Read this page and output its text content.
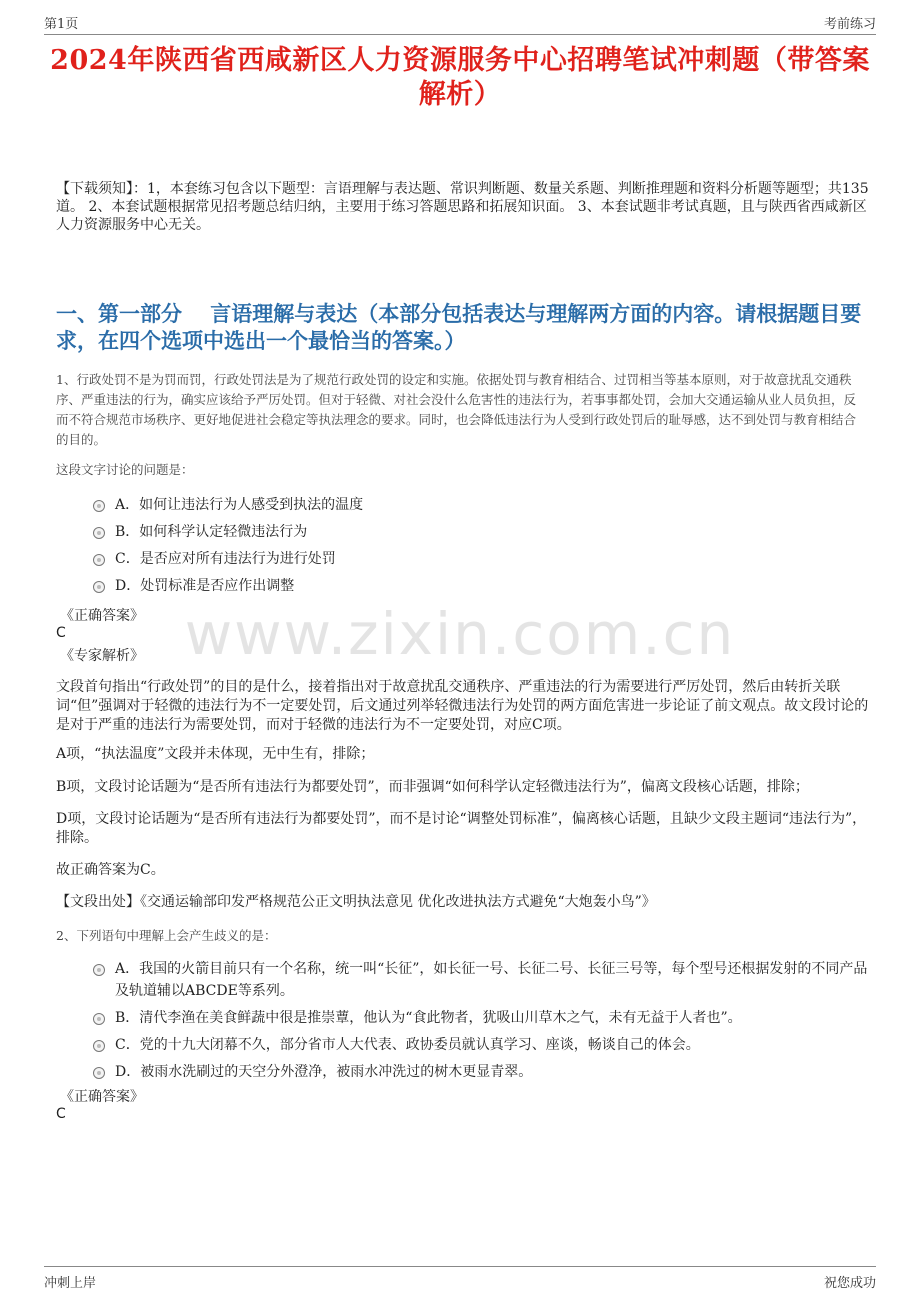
第1页	考前练习
2024年陕西省西咸新区人力资源服务中心招聘笔试冲刺题（带答案解析）

【下载须知】：1，本套练习包含以下题型：言语理解与表达题、常识判断题、数量关系题、判断推理题和资料分析题等题型；共135道。 2、本套试题根据常见招考题总结归纳，主要用于练习答题思路和拓展知识面。 3、本套试题非考试真题，且与陕西省西咸新区人力资源服务中心无关。

一、第一部分　 言语理解与表达（本部分包括表达与理解两方面的内容。请根据题目要求，在四个选项中选出一个最恰当的答案。）

1、行政处罚不是为罚而罚，行政处罚法是为了规范行政处罚的设定和实施。依据处罚与教育相结合、过罚相当等基本原则，对于故意扰乱交通秩序、严重违法的行为，确实应该给予严厉处罚。但对于轻微、对社会没什么危害性的违法行为，若事事都处罚，会加大交通运输从业人员负担，反而不符合规范市场秩序、更好地促进社会稳定等执法理念的要求。同时，也会降低违法行为人受到行政处罚后的耻辱感，达不到处罚与教育相结合的目的。

这段文字讨论的问题是：

A．如何让违法行为人感受到执法的温度
B．如何科学认定轻微违法行为
C．是否应对所有违法行为进行处罚
D．处罚标准是否应作出调整
《正确答案》
C
《专家解析》

文段首句指出“行政处罚”的目的是什么，接着指出对于故意扰乱交通秩序、严重违法的行为需要进行严厉处罚，然后由转折关联词“但”强调对于轻微的违法行为不一定要处罚，后文通过列举轻微违法行为处罚的两方面危害进一步论证了前文观点。故文段讨论的是对于严重的违法行为需要处罚，而对于轻微的违法行为不一定要处罚，对应C项。

A项，“执法温度”文段并未体现，无中生有，排除；

B项，文段讨论话题为“是否所有违法行为都要处罚”，而非强调“如何科学认定轻微违法行为”，偏离文段核心话题，排除；

D项，文段讨论话题为“是否所有违法行为都要处罚”，而不是讨论“调整处罚标准”，偏离核心话题，且缺少文段主题词“违法行为”，排除。

故正确答案为C。

【文段出处】《交通运输部印发严格规范公正文明执法意见 优化改进执法方式避免“大炮轰小鸟”》

2、下列语句中理解上会产生歧义的是：

A．我国的火箭目前只有一个名称，统一叫“长征”，如长征一号、长征二号、长征三号等，每个型号还根据发射的不同产品及轨道辅以ABCDE等系列。
B．清代李渔在美食鲜蔬中很是推崇蕈，他认为“食此物者，犹吸山川草木之气，未有无益于人者也”。
C．党的十九大闭幕不久，部分省市人大代表、政协委员就认真学习、座谈，畅谈自己的体会。
D．被雨水洗刷过的天空分外澄净，被雨水冲洗过的树木更显青翠。
《正确答案》
C
www.zixin.com.cn
冲刺上岸	祝您成功
